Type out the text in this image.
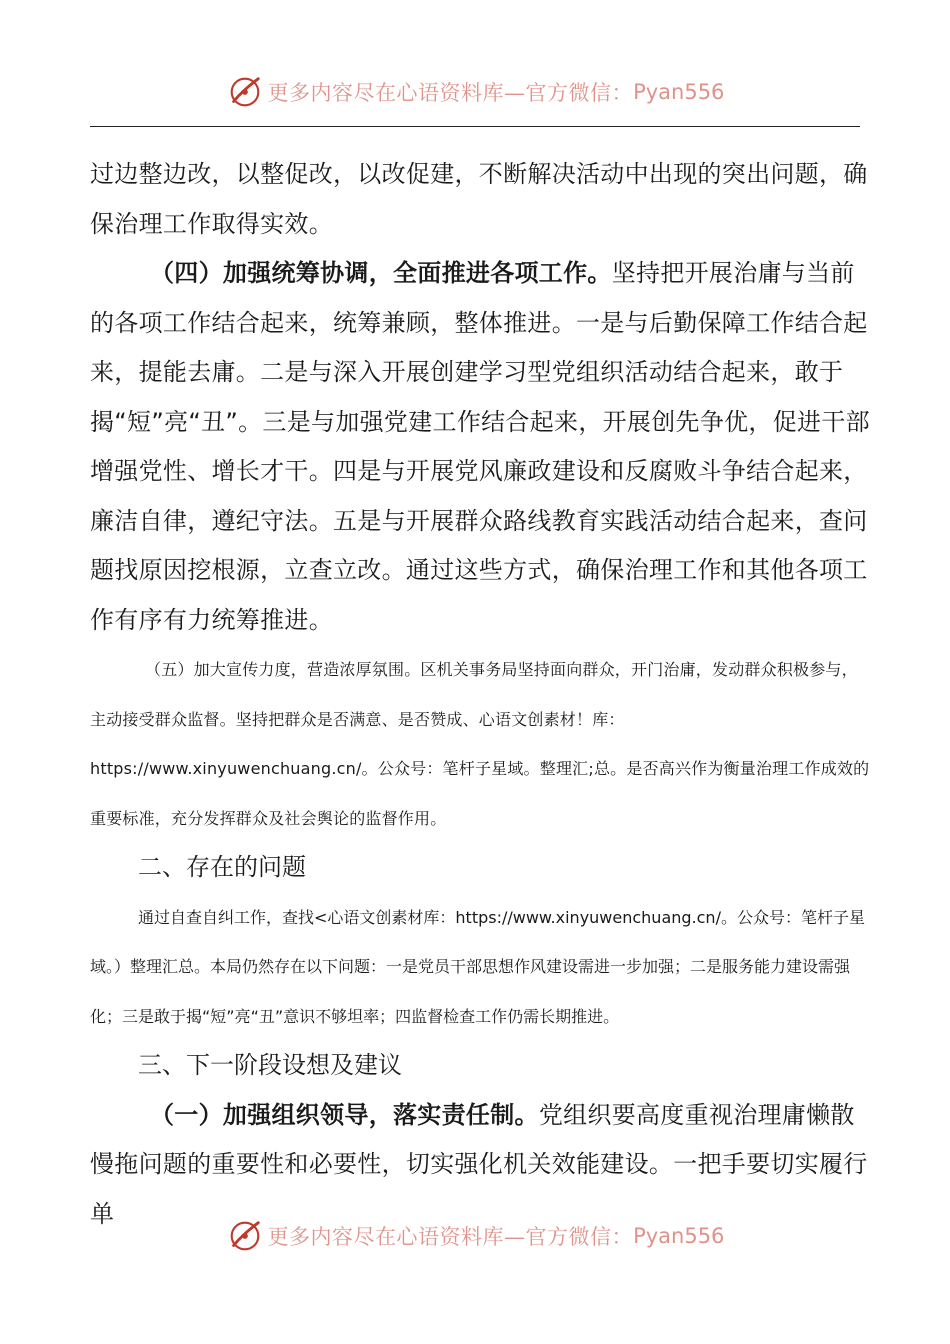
更多内容尽在心语资料库—官方微信： Pyan556

过边整边改，以整促改，以改促建，不断解决活动中出现的突出问题，确保治理工作取得实效。

（四）加强统筹协调，全面推进各项工作。坚持把开展治庸与当前的各项工作结合起来，统筹兼顾，整体推进。一是与后勤保障工作结合起来，提能去庸。二是与深入开展创建学习型党组织活动结合起来，敢于揭“短”亮“丑”。三是与加强党建工作结合起来，开展创先争优，促进干部增强党性、增长才干。四是与开展党风廉政建设和反腐败斗争结合起来，廉洁自律，遵纪守法。五是与开展群众路线教育实践活动结合起来，查问题找原因挖根源，立查立改。通过这些方式，确保治理工作和其他各项工作有序有力统筹推进。

（五）加大宣传力度，营造浓厚氛围。区机关事务局坚持面向群众，开门治庸，发动群众积极参与，主动接受群众监督。坚持把群众是否满意、是否赞成、心语文创素材！库：https://www.xinyuwenchuang.cn/。公众号：笔杆子星域。整理汇;总。是否高兴作为衡量治理工作成效的重要标准，充分发挥群众及社会舆论的监督作用。

二、存在的问题

通过自查自纠工作，查找<心语文创素材库：https://www.xinyuwenchuang.cn/。公众号：笔杆子星域。）整理汇总。本局仍然存在以下问题：一是党员干部思想作风建设需进一步加强；二是服务能力建设需强化；三是敢于揭“短”亮“丑”意识不够坦率；四监督检查工作仍需长期推进。

三、下一阶段设想及建议

（一）加强组织领导，落实责任制。党组织要高度重视治理庸懒散慢拖问题的重要性和必要性，切实强化机关效能建设。一把手要切实履行单

更多内容尽在心语资料库—官方微信： Pyan556
